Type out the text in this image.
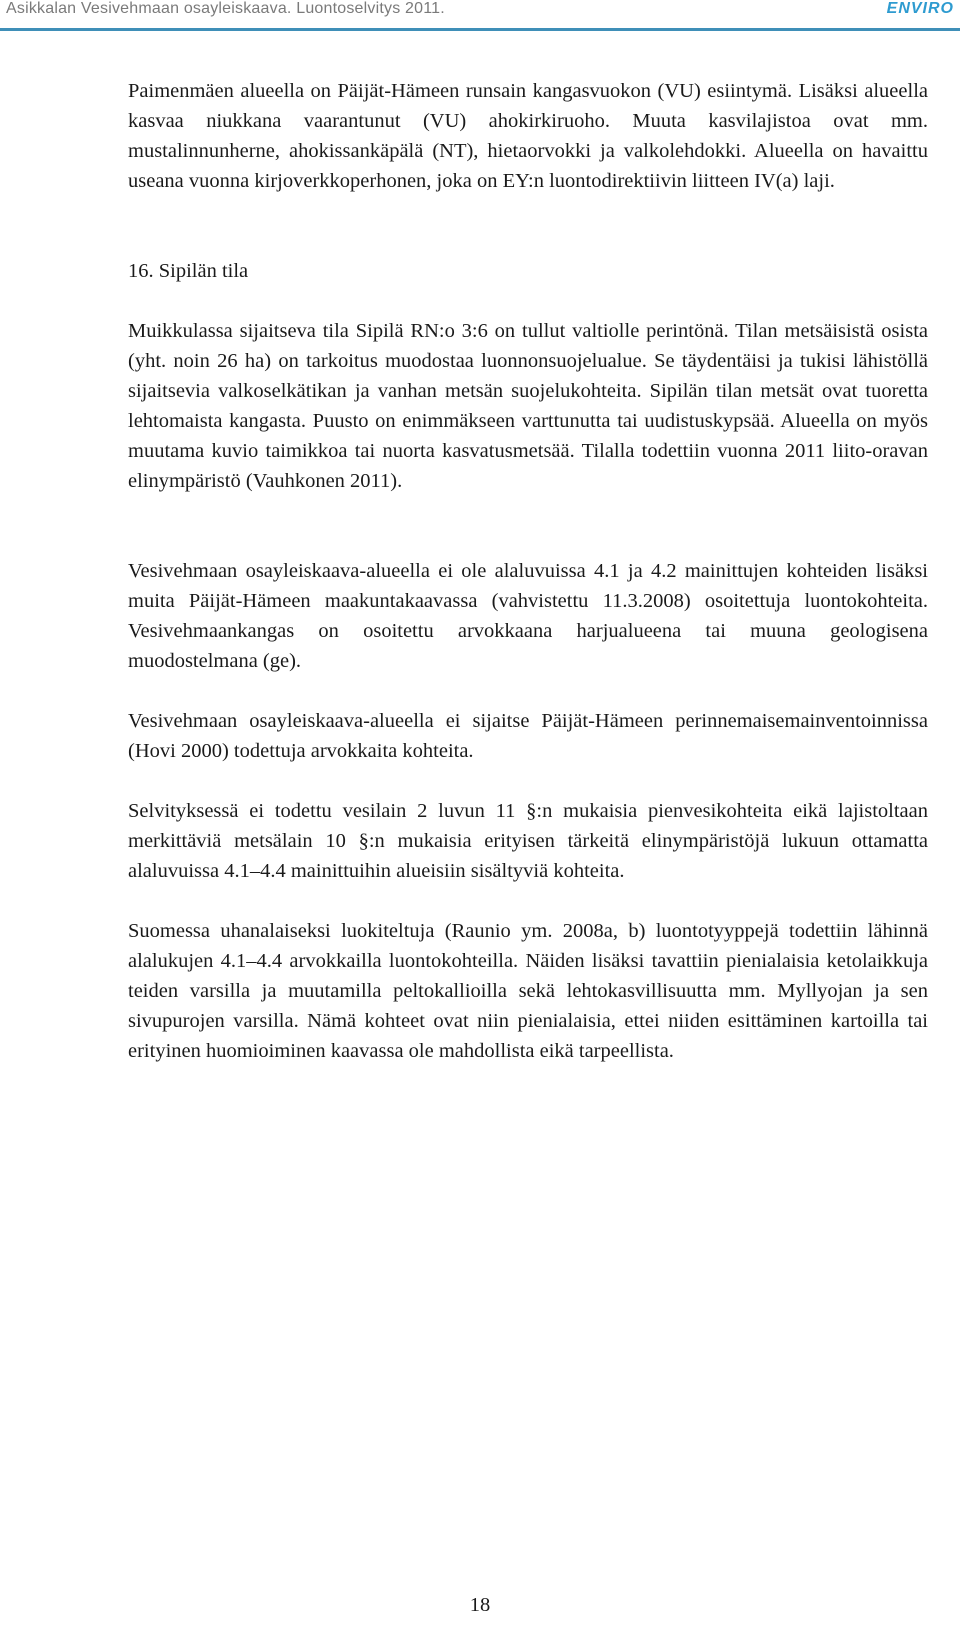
Asikkalan Vesivehmaan osayleiskaava. Luontoselvitys 2011.	ENVIRO

Paimenmäen alueella on Päijät-Hämeen runsain kangasvuokon (VU) esiintymä. Lisäksi alueella kasvaa niukkana vaarantunut (VU) ahokirkiruoho. Muuta kasvilajistoa ovat mm. mustalinnunherne, ahokissankäpälä (NT), hietaorvokki ja valkolehdokki. Alueella on havaittu useana vuonna kirjoverkkoperhonen, joka on EY:n luontodirektiivin liitteen IV(a) laji.

16. Sipilän tila

Muikkulassa sijaitseva tila Sipilä RN:o 3:6 on tullut valtiolle perintönä. Tilan metsäisistä osista (yht. noin 26 ha) on tarkoitus muodostaa luonnonsuojelualue. Se täydentäisi ja tukisi lähistöllä sijaitsevia valkoselkätikan ja vanhan metsän suojelukohteita. Sipilän tilan metsät ovat tuoretta lehtomaista kangasta. Puusto on enimmäkseen varttunutta tai uudistuskypsää. Alueella on myös muutama kuvio taimikkoa tai nuorta kasvatusmetsää. Tilalla todettiin vuonna 2011 liito-oravan elinympäristö (Vauhkonen 2011).

Vesivehmaan osayleiskaava-alueella ei ole alaluvuissa 4.1 ja 4.2 mainittujen kohteiden lisäksi muita Päijät-Hämeen maakuntakaavassa (vahvistettu 11.3.2008) osoitettuja luontokohteita. Vesivehmaankangas on osoitettu arvokkaana harjualueena tai muuna geologisena muodostelmana (ge).

Vesivehmaan osayleiskaava-alueella ei sijaitse Päijät-Hämeen perinnemaisemainventoinnissa (Hovi 2000) todettuja arvokkaita kohteita.

Selvityksessä ei todettu vesilain 2 luvun 11 §:n mukaisia pienvesikohteita eikä lajistoltaan merkittäviä metsälain 10 §:n mukaisia erityisen tärkeitä elinympäristöjä lukuun ottamatta alaluvuissa 4.1–4.4 mainittuihin alueisiin sisältyviä kohteita.

Suomessa uhanalaiseksi luokiteltuja (Raunio ym. 2008a, b) luontotyyppejä todettiin lähinnä alalukujen 4.1–4.4 arvokkailla luontokohteilla. Näiden lisäksi tavattiin pienialaisia ketolaikkuja teiden varsilla ja muutamilla peltokallioilla sekä lehtokasvillisuutta mm. Myllyojan ja sen sivupurojen varsilla. Nämä kohteet ovat niin pienialaisia, ettei niiden esittäminen kartoilla tai erityinen huomioiminen kaavassa ole mahdollista eikä tarpeellista.

18
